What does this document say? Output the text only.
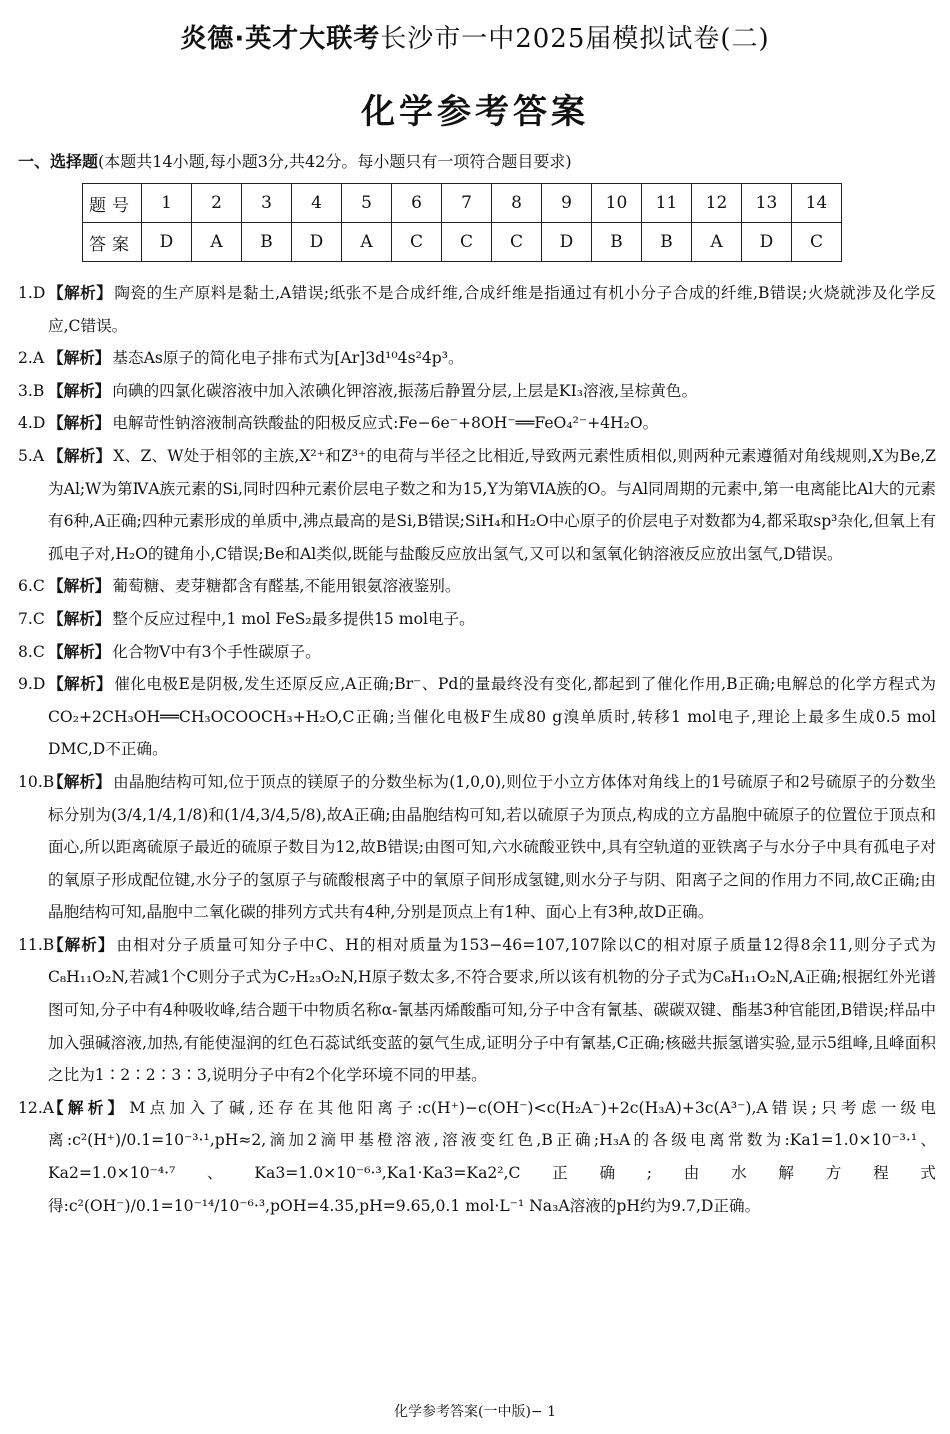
炎德·英才大联考长沙市一中2025届模拟试卷(二)
化学参考答案
一、选择题(本题共14小题,每小题3分,共42分。每小题只有一项符合题目要求)
题号	1	2	3	4	5	6	7	8	9	10	11	12	13	14
答案	D	A	B	D	A	C	C	C	D	B	B	A	D	C
1.D 【解析】 陶瓷的生产原料是黏土,A错误;纸张不是合成纤维,合成纤维是指通过有机小分子合成的纤维,B错误;火烧就涉及化学反应,C错误。

2.A 【解析】 基态As原子的简化电子排布式为[Ar]3d¹⁰4s²4p³。

3.B 【解析】 向碘的四氯化碳溶液中加入浓碘化钾溶液,振荡后静置分层,上层是KI₃溶液,呈棕黄色。

4.D 【解析】 电解苛性钠溶液制高铁酸盐的阳极反应式:Fe−6e⁻+8OH⁻══FeO₄²⁻+4H₂O。

5.A 【解析】 X、Z、W处于相邻的主族,X²⁺和Z³⁺的电荷与半径之比相近,导致两元素性质相似,则两种元素遵循对角线规则,X为Be,Z为Al;W为第ⅣA族元素的Si,同时四种元素价层电子数之和为15,Y为第ⅥA族的O。与Al同周期的元素中,第一电离能比Al大的元素有6种,A正确;四种元素形成的单质中,沸点最高的是Si,B错误;SiH₄和H₂O中心原子的价层电子对数都为4,都采取sp³杂化,但氧上有孤电子对,H₂O的键角小,C错误;Be和Al类似,既能与盐酸反应放出氢气,又可以和氢氧化钠溶液反应放出氢气,D错误。

6.C 【解析】 葡萄糖、麦芽糖都含有醛基,不能用银氨溶液鉴别。

7.C 【解析】 整个反应过程中,1 mol FeS₂最多提供15 mol电子。

8.C 【解析】 化合物Ⅴ中有3个手性碳原子。

9.D 【解析】 催化电极E是阴极,发生还原反应,A正确;Br⁻、Pd的量最终没有变化,都起到了催化作用,B正确;电解总的化学方程式为CO₂+2CH₃OH══CH₃OCOOCH₃+H₂O,C正确;当催化电极F生成80 g溴单质时,转移1 mol电子,理论上最多生成0.5 mol DMC,D不正确。

10.B

【解析】 由晶胞结构可知,位于顶点的镁原子的分数坐标为(1,0,0),则位于小立方体体对角线上的1号硫原子和2号硫原子的分数坐标分别为(3/4,1/4,1/8)和(1/4,3/4,5/8),故A正确;由晶胞结构可知,若以硫原子为顶点,构成的立方晶胞中硫原子的位置位于顶点和面心,所以距离硫原子最近的硫原子数目为12,故B错误;由图可知,六水硫酸亚铁中,具有空轨道的亚铁离子与水分子中具有孤电子对的氧原子形成配位键,水分子的氢原子与硫酸根离子中的氧原子间形成氢键,则水分子与阴、阳离子之间的作用力不同,故C正确;由晶胞结构可知,晶胞中二氧化碳的排列方式共有4种,分别是顶点上有1种、面心上有3种,故D正确。

11.B

【解析】 由相对分子质量可知分子中C、H的相对质量为153−46=107,107除以C的相对原子质量12得8余11,则分子式为C₈H₁₁O₂N,若减1个C则分子式为C₇H₂₃O₂N,H原子数太多,不符合要求,所以该有机物的分子式为C₈H₁₁O₂N,A正确;根据红外光谱图可知,分子中有4种吸收峰,结合题干中物质名称α-氰基丙烯酸酯可知,分子中含有氰基、碳碳双键、酯基3种官能团,B错误;样品中加入强碱溶液,加热,有能使湿润的红色石蕊试纸变蓝的氨气生成,证明分子中有氰基,C正确;核磁共振氢谱实验,显示5组峰,且峰面积之比为1∶2∶2∶3∶3,说明分子中有2个化学环境不同的甲基。

12.A

【解析】 M点加入了碱,还存在其他阳离子:c(H⁺)−c(OH⁻)<c(H₂A⁻)+2c(H₃A)+3c(A³⁻),A错误;只考虑一级电离:c²(H⁺)/0.1=10⁻³·¹,pH≈2,滴加2滴甲基橙溶液,溶液变红色,B正确;H₃A的各级电离常数为:Ka1=1.0×10⁻³·¹、Ka2=1.0×10⁻⁴·⁷、Ka3=1.0×10⁻⁶·³,Ka1·Ka3=Ka2²,C正确;由水解方程式得:c²(OH⁻)/0.1=10⁻¹⁴/10⁻⁶·³,pOH=4.35,pH=9.65,0.1 mol·L⁻¹ Na₃A溶液的pH约为9.7,D正确。

化学参考答案(一中版)− 1
